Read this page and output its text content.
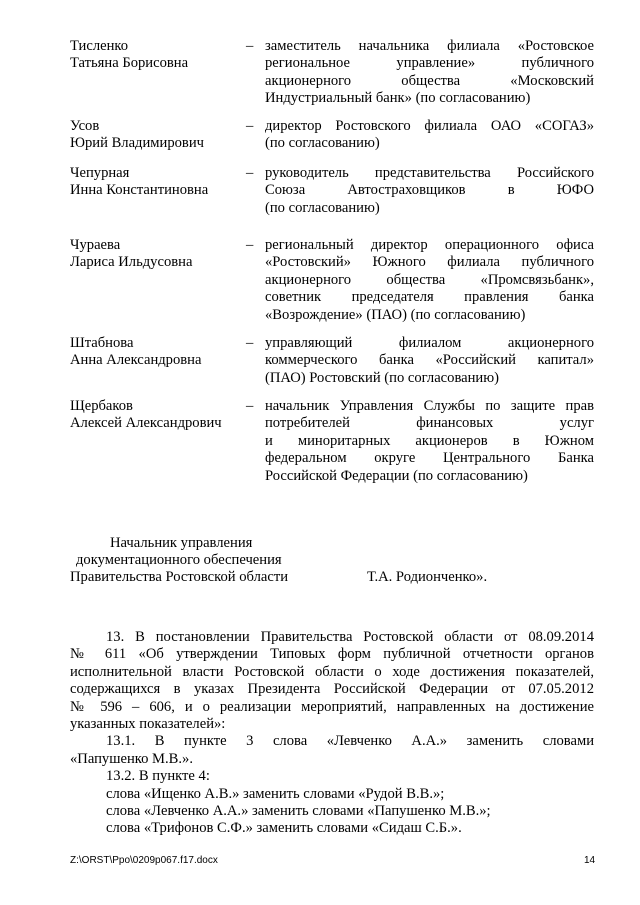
Тисленко
Татьяна Борисовна
– заместитель начальника филиала «Ростовское
региональное управление» публичного
акционерного общества «Московский
Индустриальный банк» (по согласованию)
Усов
Юрий Владимирович
– директор Ростовского филиала ОАО «СОГАЗ»
(по согласованию)
Чепурная
Инна Константиновна
– руководитель представительства Российского
Союза Автостраховщиков в ЮФО
(по согласованию)
Чураева
Лариса Ильдусовна
– региональный директор операционного офиса
«Ростовский» Южного филиала публичного
акционерного общества «Промсвязьбанк»,
советник председателя правления банка
«Возрождение» (ПАО) (по согласованию)
Штабнова
Анна Александровна
– управляющий филиалом акционерного
коммерческого банка «Российский капитал»
(ПАО) Ростовский (по согласованию)
Щербаков
Алексей Александрович
– начальник Управления Службы по защите прав
потребителей финансовых услуг
и миноритарных акционеров в Южном
федеральном округе Центрального Банка
Российской Федерации (по согласованию)
Начальник управления
документационного обеспечения
Правительства Ростовской области	Т.А. Родионченко».
13. В постановлении Правительства Ростовской области от 08.09.2014
№ 611 «Об утверждении Типовых форм публичной отчетности органов
исполнительной власти Ростовской области о ходе достижения показателей,
содержащихся в указах Президента Российской Федерации от 07.05.2012
№ 596 – 606, и о реализации мероприятий, направленных на достижение
указанных показателей»:
13.1. В пункте 3 слова «Левченко А.А.» заменить словами
«Папушенко М.В.».
13.2. В пункте 4:
слова «Ищенко А.В.» заменить словами «Рудой В.В.»;
слова «Левченко А.А.» заменить словами «Папушенко М.В.»;
слова «Трифонов С.Ф.» заменить словами «Сидаш С.Б.».
Z:\ORST\Ppo\0209p067.f17.docx	14
